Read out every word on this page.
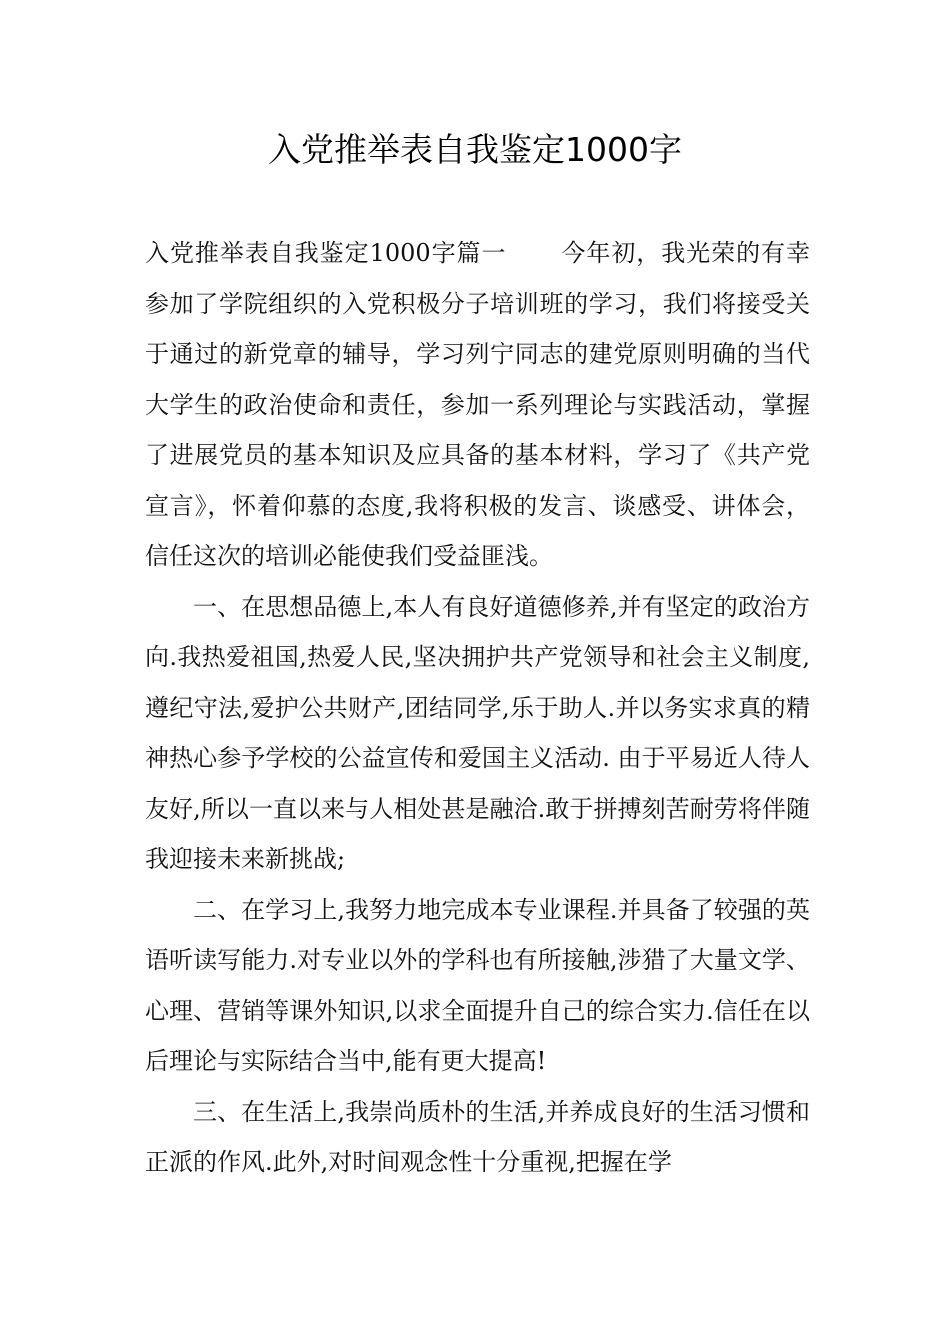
入党推举表自我鉴定1000字

入党推举表自我鉴定1000字篇一 今年初，我光荣的有幸参加了学院组织的入党积极分子培训班的学习，我们将接受关于通过的新党章的辅导，学习列宁同志的建党原则明确的当代大学生的政治使命和责任，参加一系列理论与实践活动，掌握了进展党员的基本知识及应具备的基本材料，学习了《共产党宣言》，怀着仰慕的态度,我将积极的发言、谈感受、讲体会，信任这次的培训必能使我们受益匪浅。

一、在思想品德上,本人有良好道德修养,并有坚定的政治方向.我热爱祖国,热爱人民,坚决拥护共产党领导和社会主义制度,遵纪守法,爱护公共财产,团结同学,乐于助人.并以务实求真的精神热心参予学校的公益宣传和爱国主义活动. 由于平易近人待人友好,所以一直以来与人相处甚是融洽.敢于拼搏刻苦耐劳将伴随我迎接未来新挑战;

二、在学习上,我努力地完成本专业课程.并具备了较强的英语听读写能力.对专业以外的学科也有所接触,涉猎了大量文学、心理、营销等课外知识,以求全面提升自己的综合实力.信任在以后理论与实际结合当中,能有更大提高!

三、在生活上,我崇尚质朴的生活,并养成良好的生活习惯和正派的作风.此外,对时间观念性十分重视,把握在学
